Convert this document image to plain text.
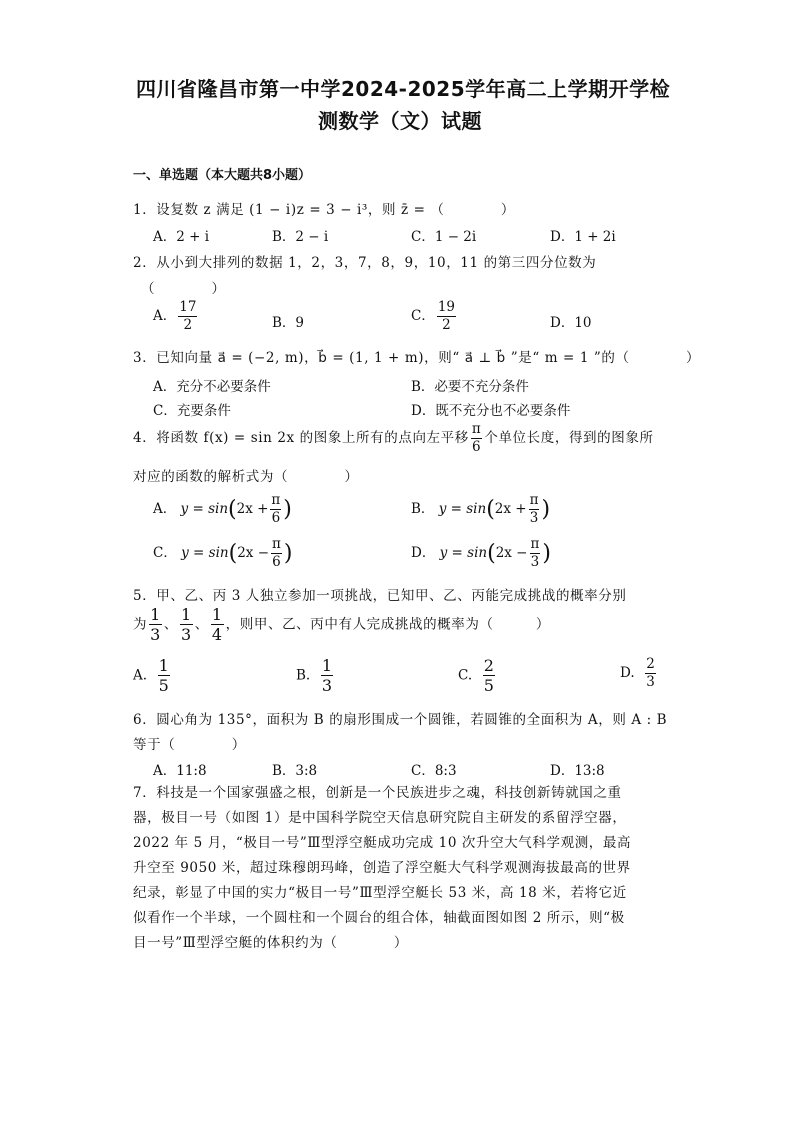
四川省隆昌市第一中学2024-2025学年高二上学期开学检
测数学（文）试题
一、单选题（本大题共8小题）
1．设复数 z 满足 (1 − i)z = 3 − i³，则 z̄ = （　　　　）
A．2 + i	B．2 − i	C．1 − 2i	D．1 + 2i
2．从小到大排列的数据 1，2，3，7，8，9，10，11 的第三四分位数为
（　　　　）
A． $\frac{17}{2}$	B．9	C． $\frac{19}{2}$	D．10
3．已知向量 a⃗ = (−2, m)，b⃗ = (1, 1 + m)，则“ a⃗ ⊥ b⃗ ”是“ m = 1 ”的（　　　　）
A．充分不必要条件	B．必要不充分条件
C．充要条件	D．既不充分也不必要条件
4．将函数 f(x) = sin 2x 的图象上所有的点向左平移 $\frac{\pi}{6}$ 个单位长度，得到的图象所
对应的函数的解析式为（　　　　）
A． $y = \sin(2x + \frac{\pi}{6}$ )	B． $y = \sin(2x + \frac{\pi}{3}$ )
C． $y = \sin(2x - \frac{\pi}{6}$ )	D． $y = \sin(2x - \frac{\pi}{3}$ )
5．甲、乙、丙 3 人独立参加一项挑战，已知甲、乙、丙能完成挑战的概率分别
为 $\frac{1}{3}$ 、 $\frac{1}{3}$ 、 $\frac{1}{4}$ ，则甲、乙、丙中有人完成挑战的概率为（　　　）
A. $\frac{1}{5}$	B. $\frac{1}{3}$	C. $\frac{2}{5}$	D. $\frac{2}{3}$
6．圆心角为 135°，面积为 B 的扇形围成一个圆锥，若圆锥的全面积为 A，则 A : B
等于（　　　　）
A．11:8	B．3:8	C．8:3	D．13:8
7．科技是一个国家强盛之根，创新是一个民族进步之魂，科技创新铸就国之重
器，极目一号（如图 1）是中国科学院空天信息研究院自主研发的系留浮空器，
2022 年 5 月，“极目一号”Ⅲ型浮空艇成功完成 10 次升空大气科学观测，最高
升空至 9050 米，超过珠穆朗玛峰，创造了浮空艇大气科学观测海拔最高的世界
纪录，彰显了中国的实力“极目一号”Ⅲ型浮空艇长 53 米，高 18 米，若将它近
似看作一个半球，一个圆柱和一个圆台的组合体，轴截面图如图 2 所示，则“极
目一号”Ⅲ型浮空艇的体积约为（　　　　）
